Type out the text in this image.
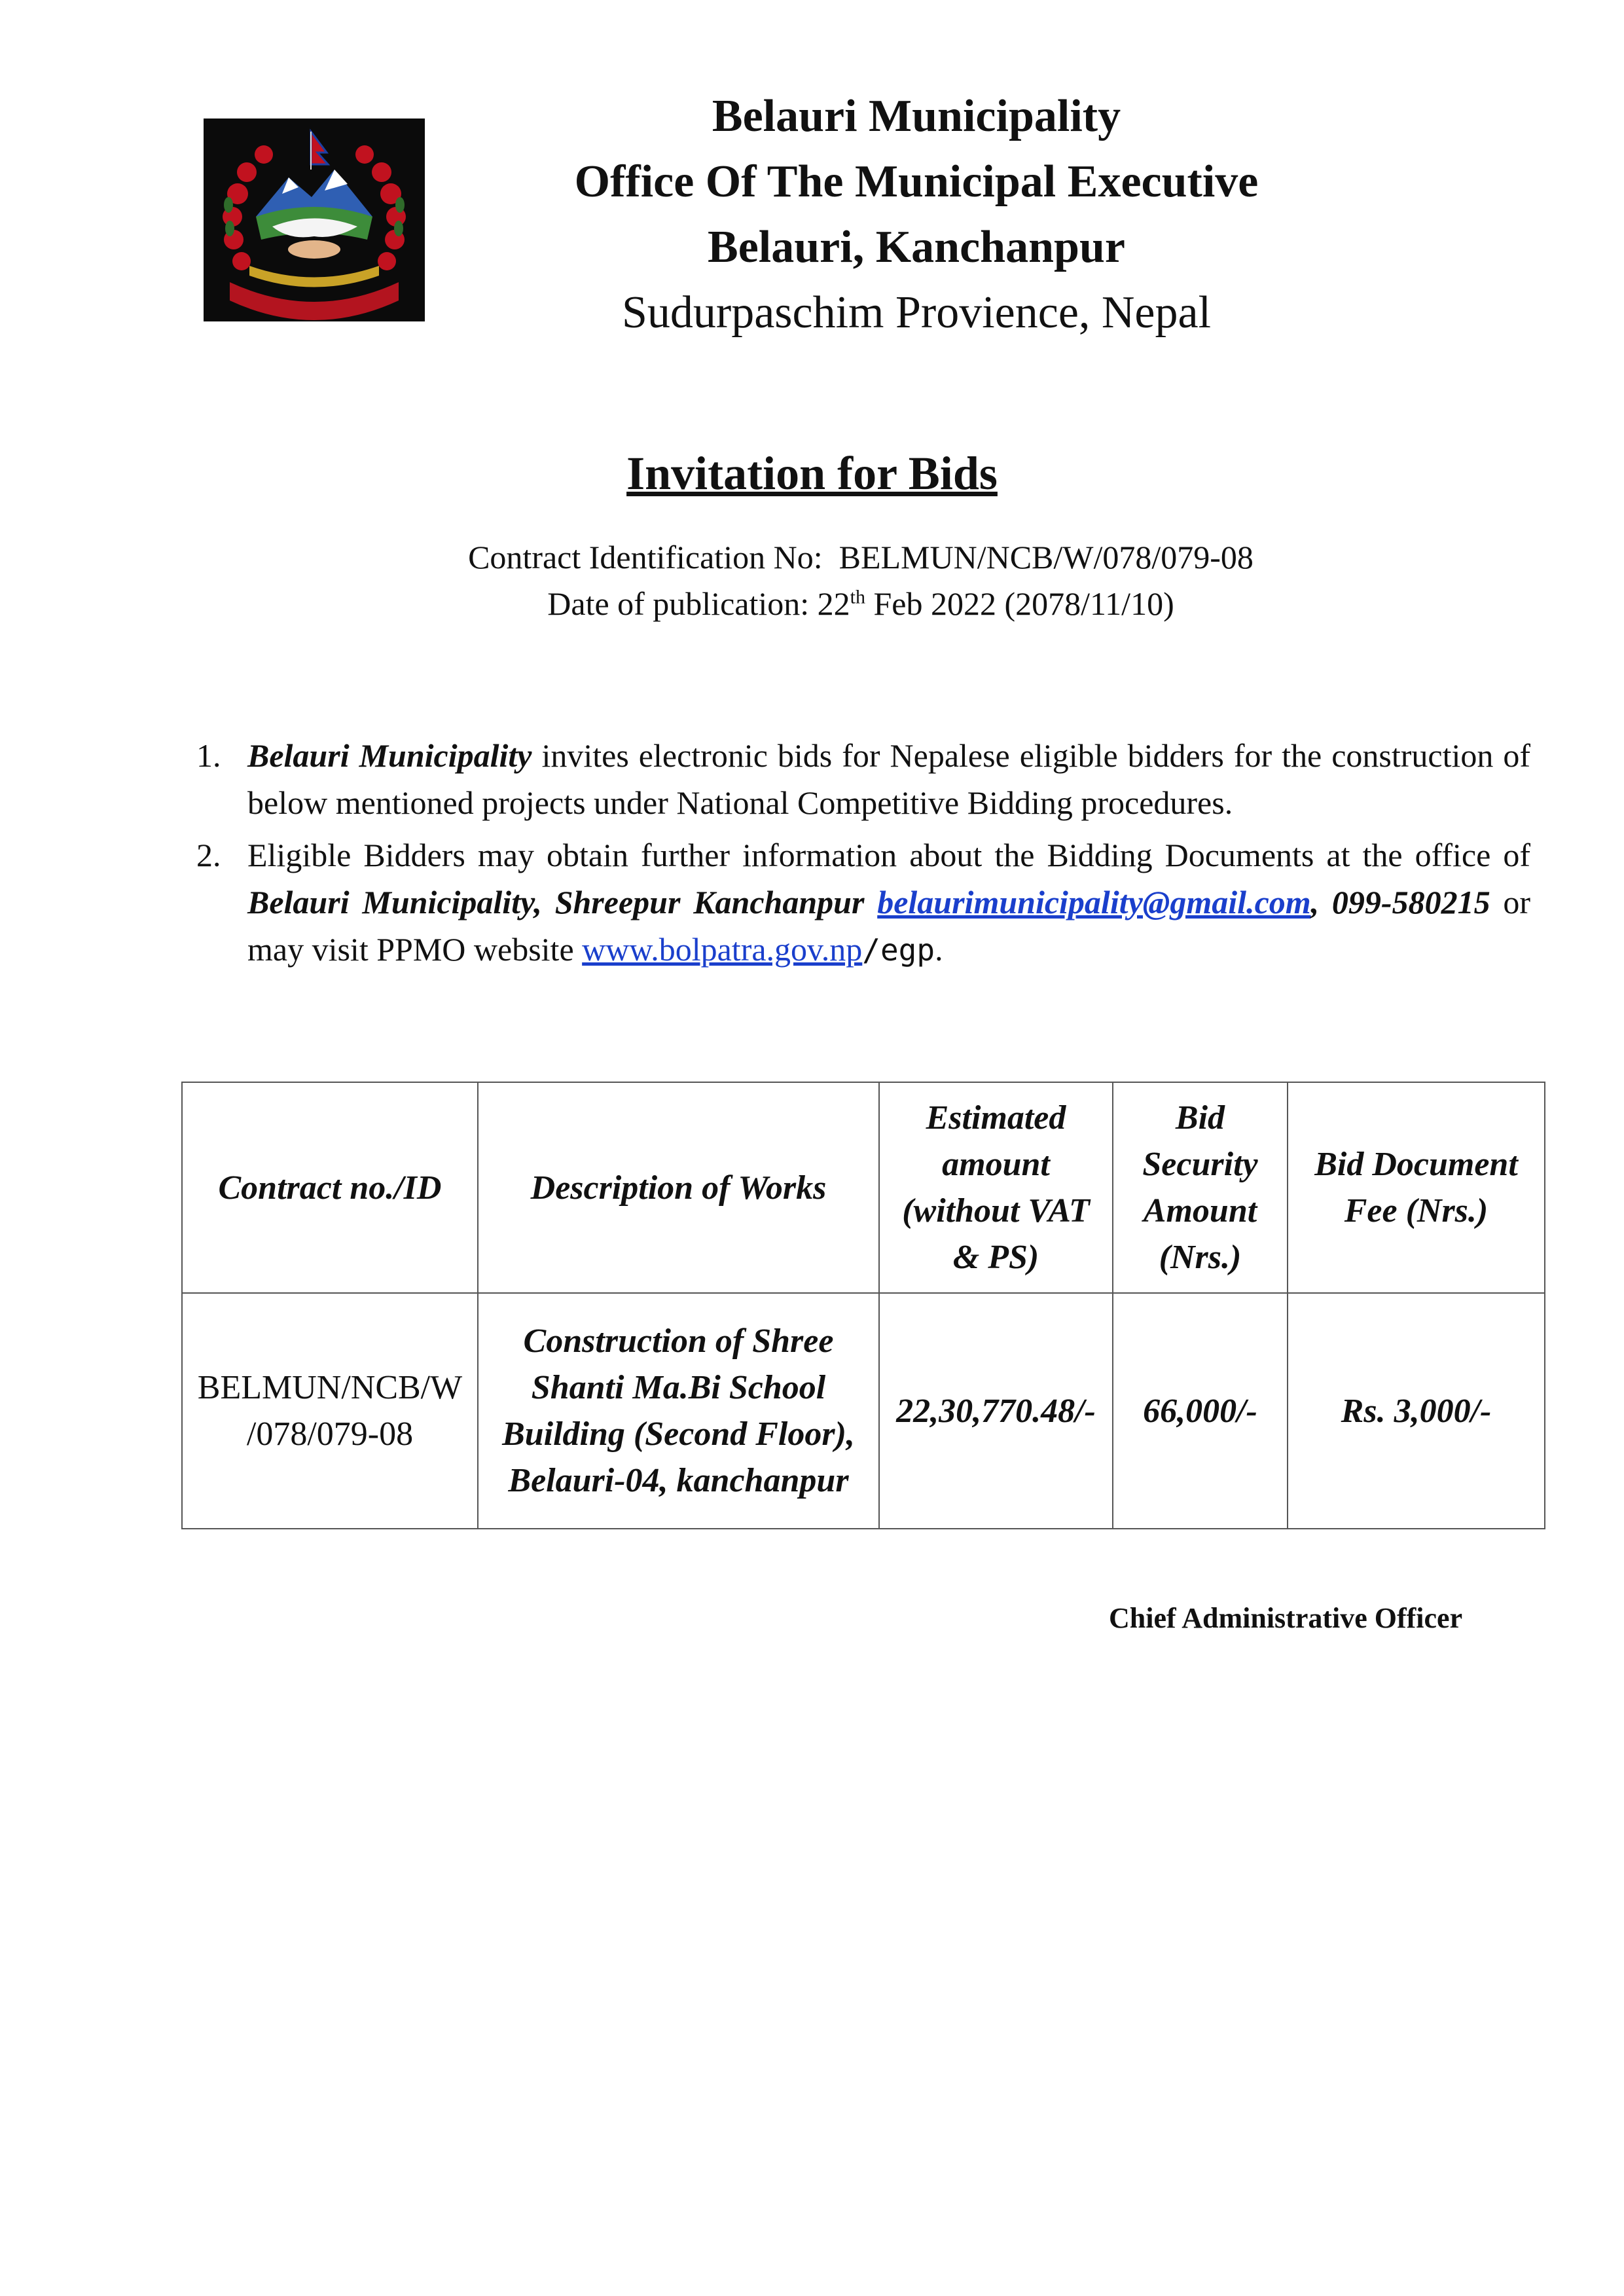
Belauri Municipality
Office Of The Municipal Executive
Belauri, Kanchanpur
Sudurpaschim Provience, Nepal
Invitation for Bids
Contract Identification No: BELMUN/NCB/W/078/079-08
Date of publication: 22th Feb 2022 (2078/11/10)
1. Belauri Municipality invites electronic bids for Nepalese eligible bidders for the construction of below mentioned projects under National Competitive Bidding procedures.
2. Eligible Bidders may obtain further information about the Bidding Documents at the office of Belauri Municipality, Shreepur Kanchanpur belaurimunicipality@gmail.com, 099-580215 or may visit PPMO website www.bolpatra.gov.np/egp.
Contract no./ID	Description of Works	Estimated amount (without VAT & PS)	Bid Security Amount (Nrs.)	Bid Document Fee (Nrs.)
BELMUN/NCB/W /078/079-08	Construction of Shree Shanti Ma.Bi School Building (Second Floor), Belauri-04, kanchanpur	22,30,770.48/-	66,000/-	Rs. 3,000/-
Chief Administrative Officer
